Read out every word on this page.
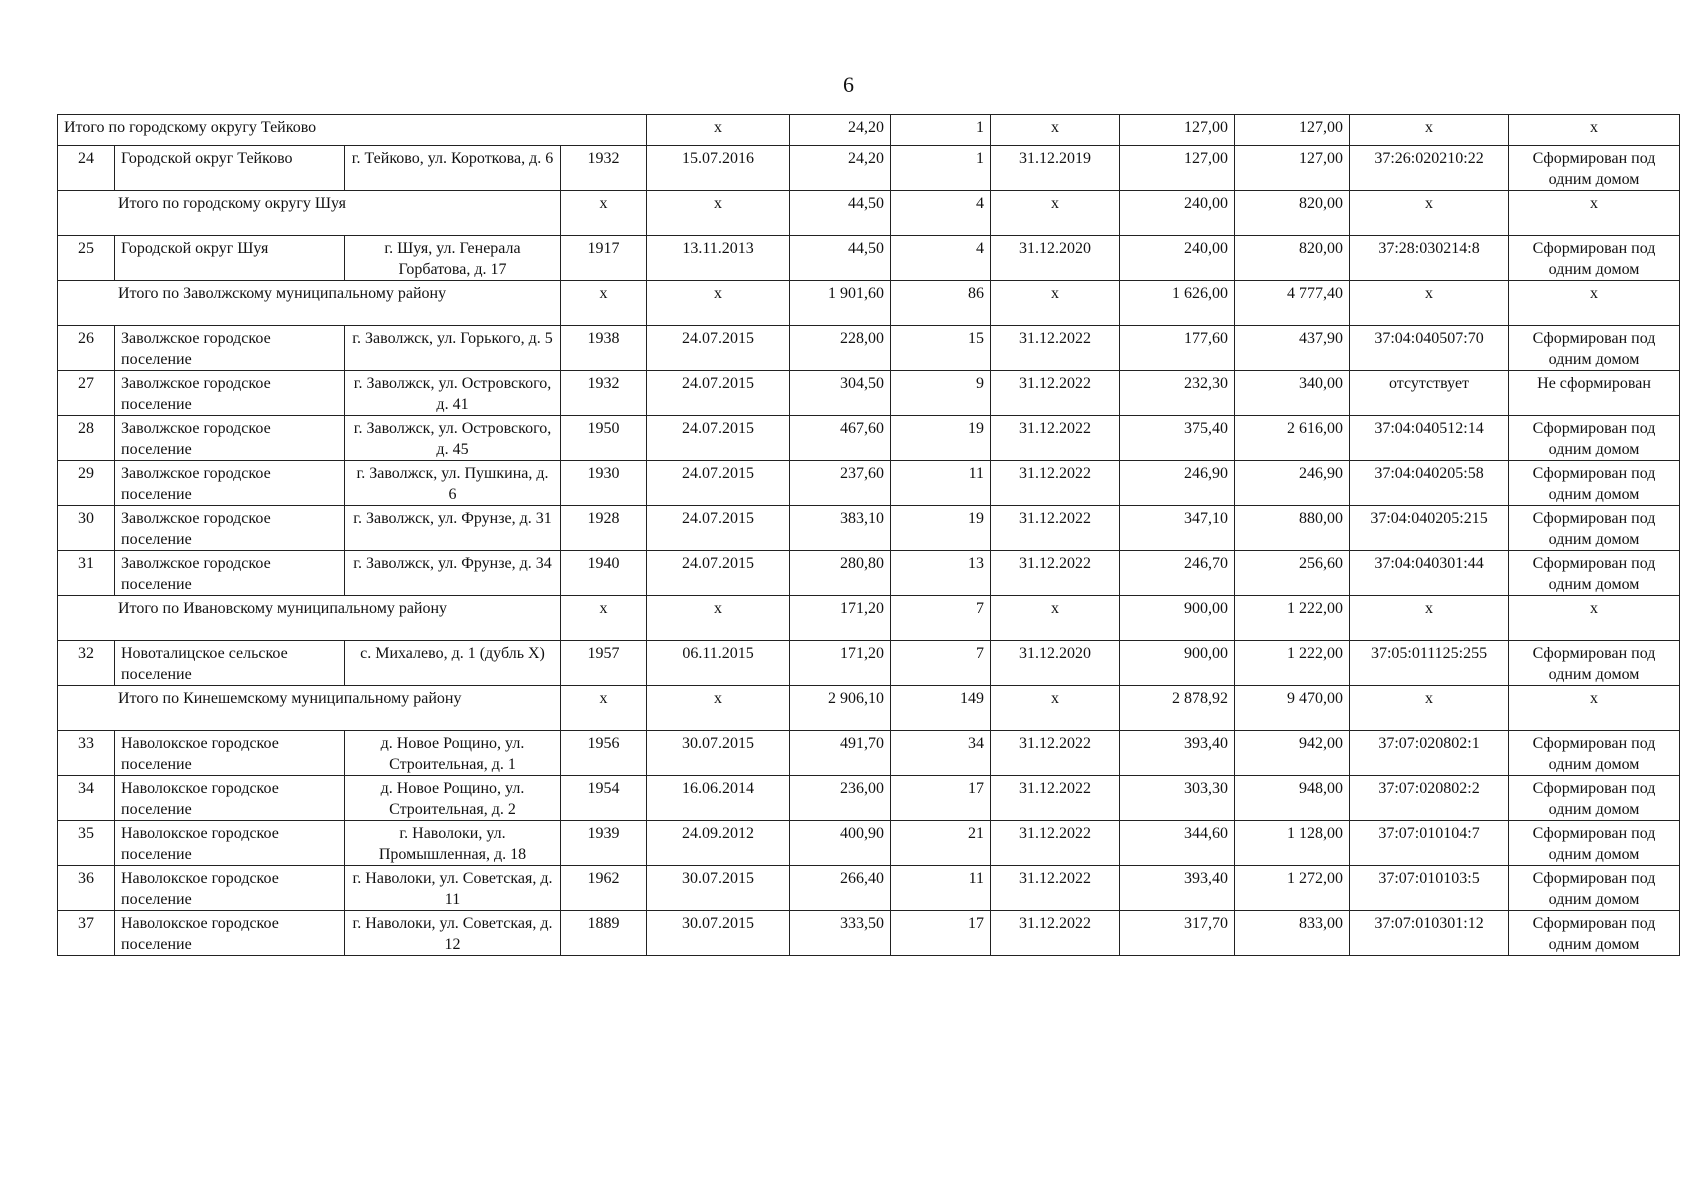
6
Итого по городскому округу Тейково				x	24,20	1	x	127,00	127,00	x	x
24	Городской округ Тейково	г. Тейково, ул. Короткова, д. 6	1932	15.07.2016	24,20	1	31.12.2019	127,00	127,00	37:26:020210:22	Сформирован под одним домом
Итого по городскому округу Шуя			x	x	44,50	4	x	240,00	820,00	x	x
25	Городской округ Шуя	г. Шуя, ул. Генерала Горбатова, д. 17	1917	13.11.2013	44,50	4	31.12.2020	240,00	820,00	37:28:030214:8	Сформирован под одним домом
Итого по Заволжскому муниципальному району			x	x	1 901,60	86	x	1 626,00	4 777,40	x	x
26	Заволжское городское поселение	г. Заволжск, ул. Горького, д. 5	1938	24.07.2015	228,00	15	31.12.2022	177,60	437,90	37:04:040507:70	Сформирован под одним домом
27	Заволжское городское поселение	г. Заволжск, ул. Островского, д. 41	1932	24.07.2015	304,50	9	31.12.2022	232,30	340,00	отсутствует	Не сформирован
28	Заволжское городское поселение	г. Заволжск, ул. Островского, д. 45	1950	24.07.2015	467,60	19	31.12.2022	375,40	2 616,00	37:04:040512:14	Сформирован под одним домом
29	Заволжское городское поселение	г. Заволжск, ул. Пушкина, д. 6	1930	24.07.2015	237,60	11	31.12.2022	246,90	246,90	37:04:040205:58	Сформирован под одним домом
30	Заволжское городское поселение	г. Заволжск, ул. Фрунзе, д. 31	1928	24.07.2015	383,10	19	31.12.2022	347,10	880,00	37:04:040205:215	Сформирован под одним домом
31	Заволжское городское поселение	г. Заволжск, ул. Фрунзе, д. 34	1940	24.07.2015	280,80	13	31.12.2022	246,70	256,60	37:04:040301:44	Сформирован под одним домом
Итого по Ивановскому муниципальному району			x	x	171,20	7	x	900,00	1 222,00	x	x
32	Новоталицское сельское поселение	с. Михалево, д. 1 (дубль Х)	1957	06.11.2015	171,20	7	31.12.2020	900,00	1 222,00	37:05:011125:255	Сформирован под одним домом
Итого по Кинешемскому муниципальному району			x	x	2 906,10	149	x	2 878,92	9 470,00	x	x
33	Наволокское городское поселение	д. Новое Рощино, ул. Строительная, д. 1	1956	30.07.2015	491,70	34	31.12.2022	393,40	942,00	37:07:020802:1	Сформирован под одним домом
34	Наволокское городское поселение	д. Новое Рощино, ул. Строительная, д. 2	1954	16.06.2014	236,00	17	31.12.2022	303,30	948,00	37:07:020802:2	Сформирован под одним домом
35	Наволокское городское поселение	г. Наволоки, ул. Промышленная, д. 18	1939	24.09.2012	400,90	21	31.12.2022	344,60	1 128,00	37:07:010104:7	Сформирован под одним домом
36	Наволокское городское поселение	г. Наволоки, ул. Советская, д. 11	1962	30.07.2015	266,40	11	31.12.2022	393,40	1 272,00	37:07:010103:5	Сформирован под одним домом
37	Наволокское городское поселение	г. Наволоки, ул. Советская, д. 12	1889	30.07.2015	333,50	17	31.12.2022	317,70	833,00	37:07:010301:12	Сформирован под одним домом
